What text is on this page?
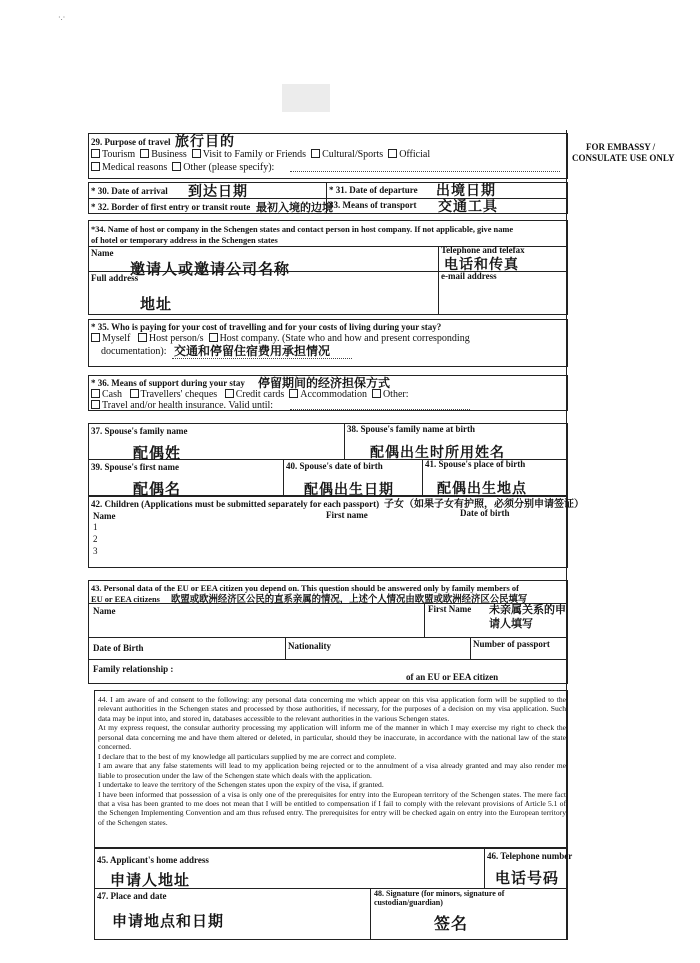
·.·
FOR EMBASSY /
CONSULATE USE ONLY
29. Purpose of travel 旅行目的
Tourism Business Visit to Family or Friends Cultural/Sports Official
Medical reasons Other (please specify):
* 30. Date of arrival 到达日期	* 31. Date of departure 出境日期
* 32. Border of first entry or transit route 最初入境的边境
33. Means of transport 交通工具
*34. Name of host or company in the Schengen states and contact person in host company. If not applicable, give name
of hotel or temporary address in the Schengen states
Name
邀请人或邀请公司名称
Telephone and telefax
电话和传真
Full address	e-mail address
地址
* 35. Who is paying for your cost of travelling and for your costs of living during your stay?
Myself Host person/s Host company. (State who and how and present corresponding
documentation): 交通和停留住宿费用承担情况
* 36. Means of support during your stay 停留期间的经济担保方式
Cash Travellers' cheques Credit cards Accommodation Other:
Travel and/or health insurance. Valid until:
37. Spouse's family name
配偶姓
38. Spouse's family name at birth
配偶出生时所用姓名
39. Spouse's first name
配偶名
40. Spouse's date of birth
配偶出生日期
41. Spouse's place of birth
配偶出生地点
42. Children (Applications must be submitted separately for each passport) 子女（如果子女有护照，必须分别申请签证）
Name	First name	Date of birth
1
2
3
43. Personal data of the EU or EEA citizen you depend on. This question should be answered only by family members of
EU or EEA citizens 欧盟或欧洲经济区公民的直系亲属的情况，上述个人情况由欧盟或欧洲经济区公民填写
Name	First Name 未亲属关系的申请人填写
Date of Birth	Nationality	Number of passport
Family relationship :
of an EU or EEA citizen

44. I am aware of and consent to the following: any personal data concerning me which appear on this visa application form will be supplied to the relevant authorities in the Schengen states and processed by those authorities, if necessary, for the purposes of a decision on my visa application. Such data may be input into, and stored in, databases accessible to the relevant authorities in the various Schengen states.

At my express request, the consular authority processing my application will inform me of the manner in which I may exercise my right to check the personal data concerning me and have them altered or deleted, in particular, should they be inaccurate, in accordance with the national law of the state concerned.

I declare that to the best of my knowledge all particulars supplied by me are correct and complete.

I am aware that any false statements will lead to my application being rejected or to the annulment of a visa already granted and may also render me liable to prosecution under the law of the Schengen state which deals with the application.

I undertake to leave the territory of the Schengen states upon the expiry of the visa, if granted.

I have been informed that possession of a visa is only one of the prerequisites for entry into the European territory of the Schengen states. The mere fact that a visa has been granted to me does not mean that I will be entitled to compensation if I fail to comply with the relevant provisions of Article 5.1 of the Schengen Implementing Convention and am thus refused entry. The prerequisites for entry will be checked again on entry into the European territory of the Schengen states.

45. Applicant's home address
申请人地址
46. Telephone number
电话号码
47. Place and date
申请地点和日期
48. Signature (for minors, signature of custodian/guardian)
签名
